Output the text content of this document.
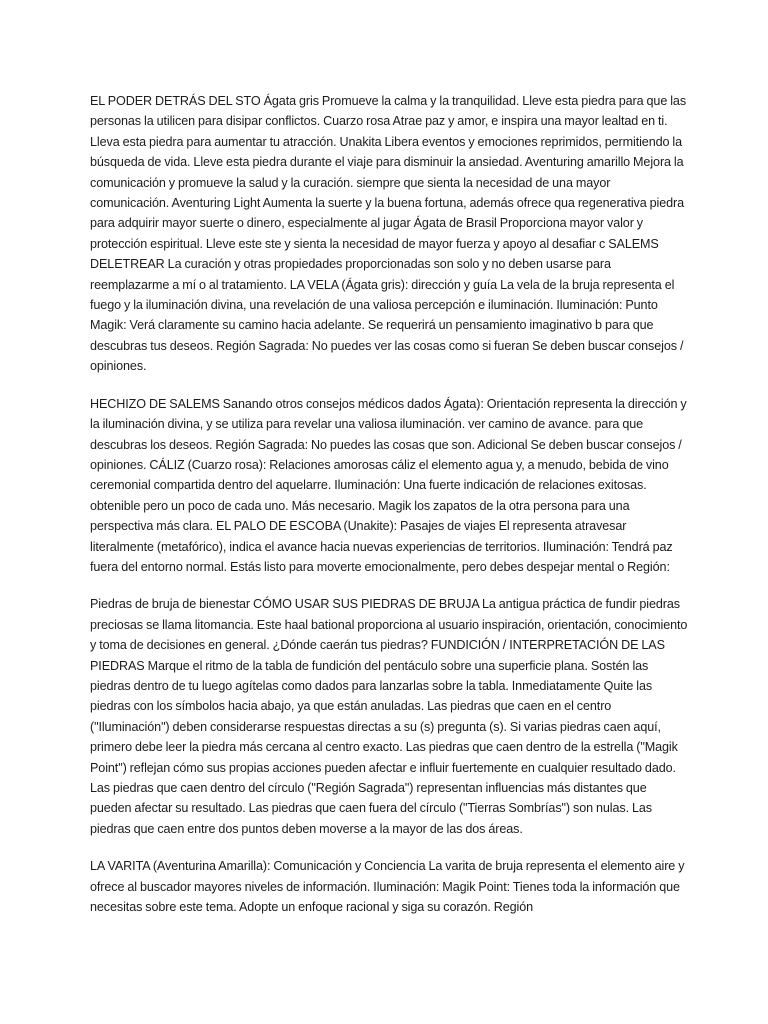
EL PODER DETRÁS DEL STO Ágata gris Promueve la calma y la tranquilidad. Lleve esta piedra para que las personas la utilicen para disipar conflictos. Cuarzo rosa Atrae paz y amor, e inspira una mayor lealtad en ti. Lleva esta piedra para aumentar tu atracción. Unakita Libera eventos y emociones reprimidos, permitiendo la búsqueda de vida. Lleve esta piedra durante el viaje para disminuir la ansiedad. Aventuring amarillo Mejora la comunicación y promueve la salud y la curación. siempre que sienta la necesidad de una mayor comunicación. Aventuring Light Aumenta la suerte y la buena fortuna, además ofrece qua regenerativa piedra para adquirir mayor suerte o dinero, especialmente al jugar Ágata de Brasil Proporciona mayor valor y protección espiritual. Lleve este ste y sienta la necesidad de mayor fuerza y apoyo al desafiar c SALEMS DELETREAR La curación y otras propiedades proporcionadas son solo y no deben usarse para reemplazarme a mí o al tratamiento. LA VELA (Ágata gris): dirección y guía La vela de la bruja representa el fuego y la iluminación divina, una revelación de una valiosa percepción e iluminación. Iluminación: Punto Magik: Verá claramente su camino hacia adelante. Se requerirá un pensamiento imaginativo b para que descubras tus deseos. Región Sagrada: No puedes ver las cosas como si fueran Se deben buscar consejos / opiniones.

HECHIZO DE SALEMS Sanando otros consejos médicos dados Ágata): Orientación representa la dirección y la iluminación divina, y se utiliza para revelar una valiosa iluminación. ver camino de avance. para que descubras los deseos. Región Sagrada: No puedes las cosas que son. Adicional Se deben buscar consejos / opiniones. CÁLIZ (Cuarzo rosa): Relaciones amorosas cáliz el elemento agua y, a menudo, bebida de vino ceremonial compartida dentro del aquelarre. Iluminación: Una fuerte indicación de relaciones exitosas. obtenible pero un poco de cada uno. Más necesario. Magik los zapatos de la otra persona para una perspectiva más clara. EL PALO DE ESCOBA (Unakite): Pasajes de viajes El representa atravesar literalmente (metafórico), indica el avance hacia nuevas experiencias de territorios. Iluminación: Tendrá paz fuera del entorno normal. Estás listo para moverte emocionalmente, pero debes despejar mental o Región:

Piedras de bruja de bienestar CÓMO USAR SUS PIEDRAS DE BRUJA La antigua práctica de fundir piedras preciosas se llama litomancia. Este haal bational proporciona al usuario inspiración, orientación, conocimiento y toma de decisiones en general. ¿Dónde caerán tus piedras? FUNDICIÓN / INTERPRETACIÓN DE LAS PIEDRAS Marque el ritmo de la tabla de fundición del pentáculo sobre una superficie plana. Sostén las piedras dentro de tu luego agítelas como dados para lanzarlas sobre la tabla. Inmediatamente Quite las piedras con los símbolos hacia abajo, ya que están anuladas. Las piedras que caen en el centro ("Iluminación") deben considerarse respuestas directas a su (s) pregunta (s). Si varias piedras caen aquí, primero debe leer la piedra más cercana al centro exacto. Las piedras que caen dentro de la estrella ("Magik Point") reflejan cómo sus propias acciones pueden afectar e influir fuertemente en cualquier resultado dado. Las piedras que caen dentro del círculo ("Región Sagrada") representan influencias más distantes que pueden afectar su resultado. Las piedras que caen fuera del círculo ("Tierras Sombrías") son nulas. Las piedras que caen entre dos puntos deben moverse a la mayor de las dos áreas.

LA VARITA (Aventurina Amarilla): Comunicación y Conciencia La varita de bruja representa el elemento aire y ofrece al buscador mayores niveles de información. Iluminación: Magik Point: Tienes toda la información que necesitas sobre este tema. Adopte un enfoque racional y siga su corazón. Región
